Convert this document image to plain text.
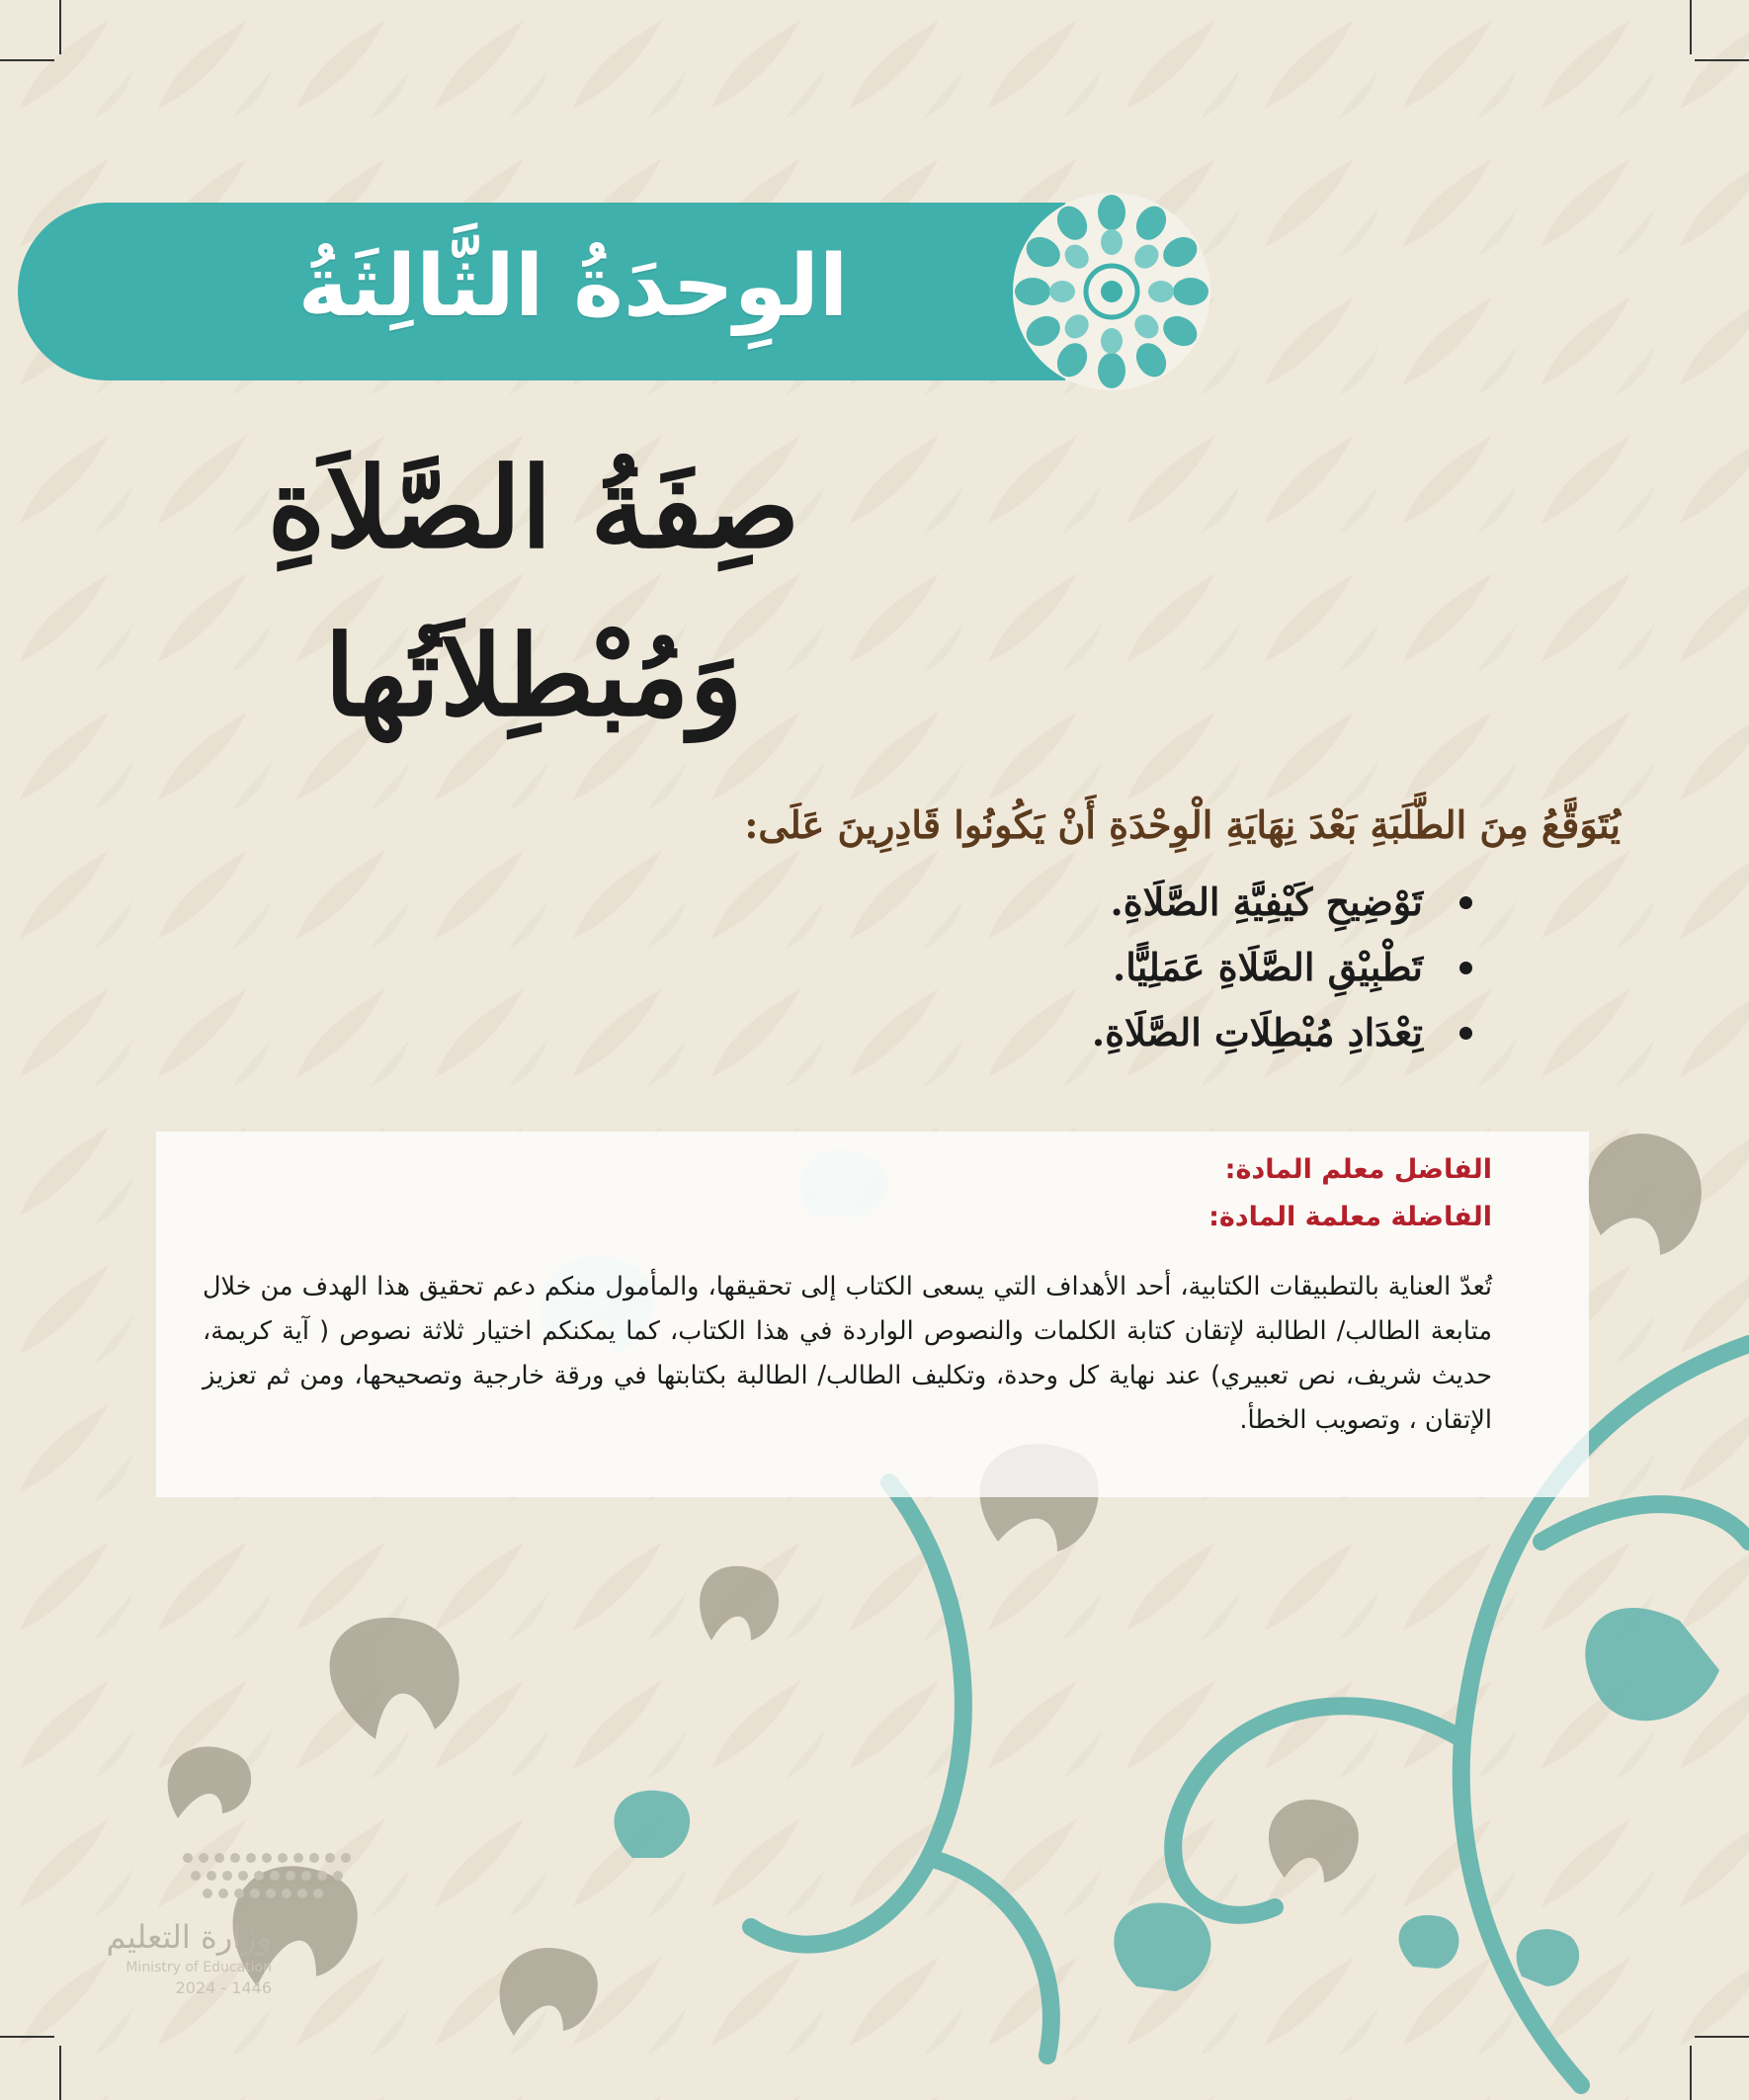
الوِحدَةُ الثَّالِثَةُ
صِفَةُ الصَّلاَةِ
وَمُبْطِلاَتُها
يُتَوَقَّعُ مِنَ الطَّلَبَةِ بَعْدَ نِهَايَةِ الْوِحْدَةِ أَنْ يَكُونُوا قَادِرِينَ عَلَى:
تَوْضِيحِ كَيْفِيَّةِ الصَّلَاةِ.
تَطْبِيْقِ الصَّلَاةِ عَمَلِيًّا.
تِعْدَادِ مُبْطِلَاتِ الصَّلَاةِ.
الفاضل معلم المادة:
الفاضلة معلمة المادة:
تُعدّ العناية بالتطبيقات الكتابية، أحد الأهداف التي يسعى الكتاب إلى تحقيقها، والمأمول منكم دعم تحقيق هذا الهدف من خلال متابعة الطالب/ الطالبة لإتقان كتابة الكلمات والنصوص الواردة في هذا الكتاب، كما يمكنكم اختيار ثلاثة نصوص ( آية كريمة، حديث شريف، نص تعبيري) عند نهاية كل وحدة، وتكليف الطالب/ الطالبة بكتابتها في ورقة خارجية وتصحيحها، ومن ثم تعزيز الإتقان ، وتصويب الخطأ.
وزارة التعليم
Ministry of Education
2024 - 1446
